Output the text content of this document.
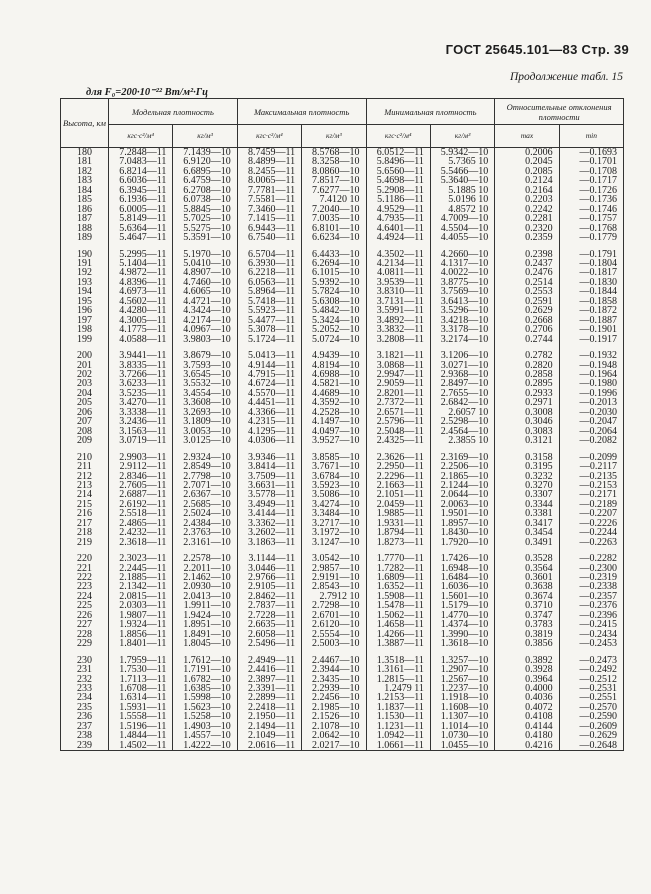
ГОСТ 25645.101—83 Стр. 39
Продолжение табл. 15
для F₀=200·10⁻²² Вт/м²·Гц
Высота, км	Модельная плотность		Максимальная плотность		Минимальная плотность		Относительные отклонения плотности	
	кгс·с²/м⁴	кг/м³	кгс·с²/м⁴	кг/м³	кгс·с²/м⁴	кг/м³	max	min
180	7.2848—11	7.1439—10	8.7459—11	8.5768—10	6.0512—11	5.9342—10	0.2006	—0.1693
181	7.0483—11	6.9120—10	8.4899—11	8.3258—10	5.8496—11	5.7365 10	0.2045	—0.1701
182	6.8214—11	6.6895—10	8.2455—11	8.0860—10	5.6560—11	5.5466—10	0.2085	—0.1708
183	6.6036—11	6.4759—10	8.0065—11	7.8517—10	5.4698—11	5.3640—10	0.2124	—0.1717
184	6.3945—11	6.2708—10	7.7781—11	7.6277—10	5.2908—11	5.1885 10	0.2164	—0.1726
185	6.1936—11	6.0738—10	7.5581—11	7.4120 10	5.1186—11	5.0196 10	0.2203	—0.1736
186	6.0005—11	5.8845—10	7.3460—11	7.2040—10	4.9529—11	4.8572 10	0.2242	—0.1746
187	5.8149—11	5.7025—10	7.1415—11	7.0035—10	4.7935—11	4.7009—10	0.2281	—0.1757
188	5.6364—11	5.5275—10	6.9443—11	6.8101—10	4.6401—11	4.5504—10	0.2320	—0.1768
189	5.4647—11	5.3591—10	6.7540—11	6.6234—10	4.4924—11	4.4055—10	0.2359	—0.1779

190	5.2995—11	5.1970—10	6.5704—11	6.4433—10	4.3502—11	4.2660—10	0.2398	—0.1791
191	5.1404—11	5.0410—10	6.3930—11	6.2694—10	4.2134—11	4.1317—10	0.2437	—0.1804
192	4.9872—11	4.8907—10	6.2218—11	6.1015—10	4.0811—11	4.0022—10	0.2476	—0.1817
193	4.8396—11	4.7460—10	6.0563—11	5.9392—10	3.9539—11	3.8775—10	0.2514	—0.1830
194	4.6973—11	4.6065—10	5.8964—11	5.7824—10	3.8310—11	3.7569—10	0.2553	—0.1844
195	4.5602—11	4.4721—10	5.7418—11	5.6308—10	3.7131—11	3.6413—10	0.2591	—0.1858
196	4.4280—11	4.3424—10	5.5923—11	5.4842—10	3.5991—11	3.5296—10	0.2629	—0.1872
197	4.3005—11	4.2174—10	5.4477—11	5.3424—10	3.4892—11	3.4218—10	0.2668	—0.1887
198	4.1775—11	4.0967—10	5.3078—11	5.2052—10	3.3832—11	3.3178—10	0.2706	—0.1901
199	4.0588—11	3.9803—10	5.1724—11	5.0724—10	3.2808—11	3.2174—10	0.2744	—0.1917

200	3.9441—11	3.8679—10	5.0413—11	4.9439—10	3.1821—11	3.1206—10	0.2782	—0.1932
201	3.8335—11	3.7593—10	4.9144—11	4.8194—10	3.0868—11	3.0271—10	0.2820	—0.1948
202	3.7266—11	3.6545—10	4.7915—11	4.6988—10	2.9947—11	2.9368—10	0.2858	—0.1964
203	3.6233—11	3.5532—10	4.6724—11	4.5821—10	2.9059—11	2.8497—10	0.2895	—0.1980
204	3.5235—11	3.4554—10	4.5570—11	4.4689—10	2.8201—11	2.7655—10	0.2933	—0.1996
205	3.4270—11	3.3608—10	4.4451—11	4.3592—10	2.7372—11	2.6842—10	0.2971	—0.2013
206	3.3338—11	3.2693—10	4.3366—11	4.2528—10	2.6571—11	2.6057 10	0.3008	—0.2030
207	3.2436—11	3.1809—10	4.2315—11	4.1497—10	2.5796—11	2.5298—10	0.3046	—0.2047
208	3.1563—11	3.0053—10	4.1295—11	4.0497—10	2.5048—11	2.4564—10	0.3083	—0.2064
209	3.0719—11	3.0125—10	4.0306—11	3.9527—10	2.4325—11	2.3855 10	0.3121	—0.2082

210	2.9903—11	2.9324—10	3.9346—11	3.8585—10	2.3626—11	2.3169—10	0.3158	—0.2099
211	2.9112—11	2.8549—10	3.8414—11	3.7671—10	2.2950—11	2.2506—10	0.3195	—0.2117
212	2.8346—11	2.7798—10	3.7509—11	3.6784—10	2.2296—11	2.1865—10	0.3232	—0.2135
213	2.7605—11	2.7071—10	3.6631—11	3.5923—10	2.1663—11	2.1244—10	0.3270	—0.2153
214	2.6887—11	2.6367—10	3.5778—11	3.5086—10	2.1051—11	2.0644—10	0.3307	—0.2171
215	2.6192—11	2.5685—10	3.4949—11	3.4274—10	2.0459—11	2.0063—10	0.3344	—0.2189
216	2.5518—11	2.5024—10	3.4144—11	3.3484—10	1.9885—11	1.9501—10	0.3381	—0.2207
217	2.4865—11	2.4384—10	3.3362—11	3.2717—10	1.9331—11	1.8957—10	0.3417	—0.2226
218	2.4232—11	2.3763—10	3.2602—11	3.1972—10	1.8794—11	1.8430—10	0.3454	—0.2244
219	2.3618—11	2.3161—10	3.1863—11	3.1247—10	1.8273—11	1.7920—10	0.3491	—0.2263

220	2.3023—11	2.2578—10	3.1144—11	3.0542—10	1.7770—11	1.7426—10	0.3528	—0.2282
221	2.2445—11	2.2011—10	3.0446—11	2.9857—10	1.7282—11	1.6948—10	0.3564	—0.2300
222	2.1885—11	2.1462—10	2.9766—11	2.9191—10	1.6809—11	1.6484—10	0.3601	—0.2319
223	2.1342—11	2.0930—10	2.9105—11	2.8543—10	1.6352—11	1.6036—10	0.3638	—0.2338
224	2.0815—11	2.0413—10	2.8462—11	2.7912 10	1.5908—11	1.5601—10	0.3674	—0.2357
225	2.0303—11	1.9911—10	2.7837—11	2.7298—10	1.5478—11	1.5179—10	0.3710	—0.2376
226	1.9807—11	1.9424—10	2.7228—11	2.6701—10	1.5062—11	1.4770—10	0.3747	—0.2396
227	1.9324—11	1.8951—10	2.6635—11	2.6120—10	1.4658—11	1.4374—10	0.3783	—0.2415
228	1.8856—11	1.8491—10	2.6058—11	2.5554—10	1.4266—11	1.3990—10	0.3819	—0.2434
229	1.8401—11	1.8045—10	2.5496—11	2.5003—10	1.3887—11	1.3618—10	0.3856	—0.2453

230	1.7959—11	1.7612—10	2.4949—11	2.4467—10	1.3518—11	1.3257—10	0.3892	—0.2473
231	1.7530—11	1.7191—10	2.4416—11	2.3944—10	1.3161—11	1.2907—10	0.3928	—0.2492
232	1.7113—11	1.6782—10	2.3897—11	2.3435—10	1.2815—11	1.2567—10	0.3964	—0.2512
233	1.6708—11	1.6385—10	2.3391—11	2.2939—10	1.2479 11	1.2237—10	0.4000	—0.2531
234	1.6314—11	1.5998—10	2.2899—11	2.2456—10	1.2153—11	1.1918—10	0.4036	—0.2551
235	1.5931—11	1.5623—10	2.2418—11	2.1985—10	1.1837—11	1.1608—10	0.4072	—0.2570
236	1.5558—11	1.5258—10	2.1950—11	2.1526—10	1.1530—11	1.1307—10	0.4108	—0.2590
237	1.5196—11	1.4903—10	2.1494—11	2.1078—10	1.1231—11	1.1014—10	0.4144	—0.2609
238	1.4844—11	1.4557—10	2.1049—11	2.0642—10	1.0942—11	1.0730—10	0.4180	—0.2629
239	1.4502—11	1.4222—10	2.0616—11	2.0217—10	1.0661—11	1.0455—10	0.4216	—0.2648
